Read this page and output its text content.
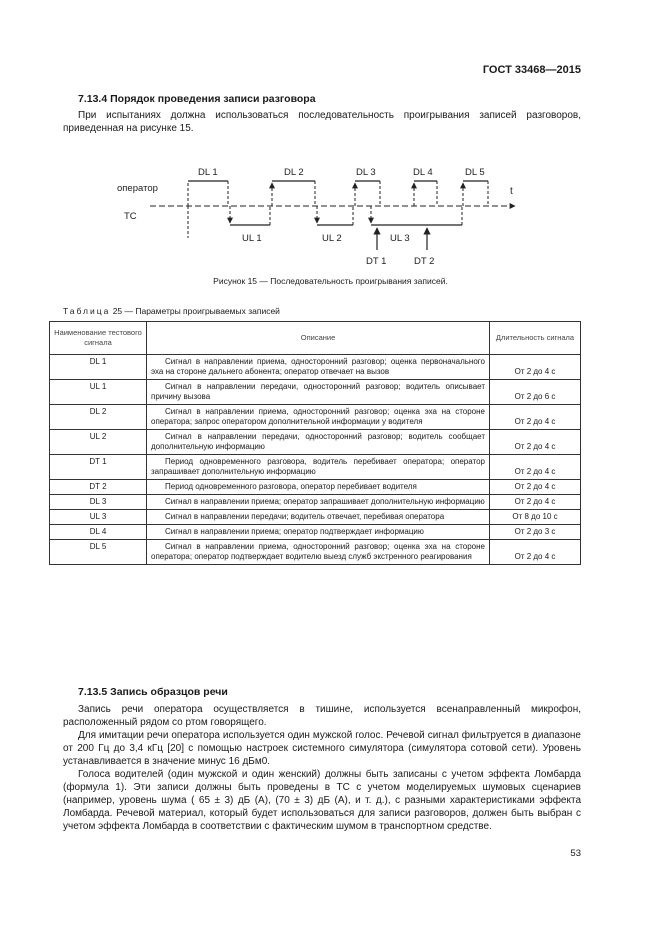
ГОСТ 33468—2015
7.13.4 Порядок проведения записи разговора

При испытаниях должна использоваться последовательность проигрывания записей разговоров, приведенная на рисунке 15.

t
оператор
ТС
DL 1	DL 2	DL 3	DL 4	DL 5
UL 1	UL 2	UL 3
DT 1	DT 2
Рисунок 15 — Последовательность проигрывания записей.
Таблица 25 — Параметры проигрываемых записей
Наименование тестового сигнала	Описание	Длительность сигнала
DL 1	Сигнал в направлении приема, односторонний разговор; оценка первоначального эха на стороне дальнего абонента; оператор отвечает на вызов	От 2 до 4 с
UL 1	Сигнал в направлении передачи, односторонний разговор; водитель описывает причину вызова	От 2 до 6 с
DL 2	Сигнал в направлении приема, односторонний разговор; оценка эха на стороне оператора; запрос оператором дополнительной информации у водителя	От 2 до 4 с
UL 2	Сигнал в направлении передачи, односторонний разговор; водитель сообщает дополнительную информацию	От 2 до 4 с
DT 1	Период одновременного разговора, водитель перебивает оператора; оператор запрашивает дополнительную информацию	От 2 до 4 с
DT 2	Период одновременного разговора, оператор перебивает водителя	От 2 до 4 с
DL 3	Сигнал в направлении приема; оператор запрашивает дополнительную информацию	От 2 до 4 с
UL 3	Сигнал в направлении передачи; водитель отвечает, перебивая оператора	От 8 до 10 с
DL 4	Сигнал в направлении приема; оператор подтверждает информацию	От 2 до 3 с
DL 5	Сигнал в направлении приема, односторонний разговор; оценка эха на стороне оператора; оператор подтверждает водителю выезд служб экстренного реагирования	От 2 до 4 с
7.13.5 Запись образцов речи

Запись речи оператора осуществляется в тишине, используется всенаправленный микрофон, расположенный рядом со ртом говорящего.

Для имитации речи оператора используется один мужской голос. Речевой сигнал фильтруется в диапазоне от 200 Гц до 3,4 кГц [20] с помощью настроек системного симулятора (симулятора сотовой сети). Уровень устанавливается в значение минус 16 дБм0.

Голоса водителей (один мужской и один женский) должны быть записаны с учетом эффекта Ломбарда (формула 1). Эти записи должны быть проведены в ТС с учетом моделируемых шумовых сценариев (например, уровень шума ( 65 ± 3) дБ (А), (70 ± 3) дБ (А), и т. д.), с разными характеристиками эффекта Ломбарда. Речевой материал, который будет использоваться для записи разговоров, должен быть выбран с учетом эффекта Ломбарда в соответствии с фактическим шумом в транспортном средстве.

53
